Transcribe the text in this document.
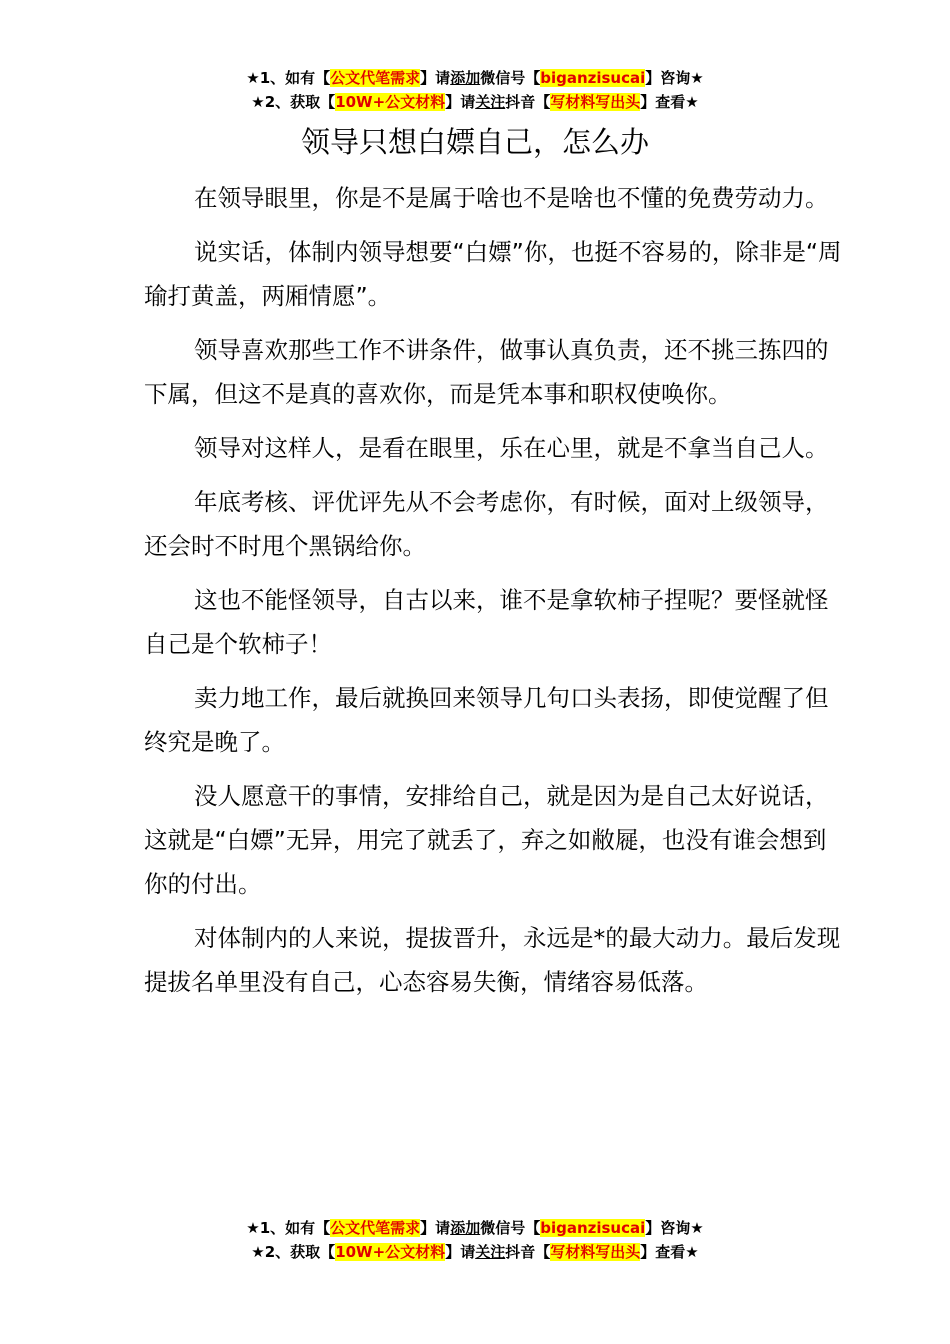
★1、如有【公文代笔需求】请添加微信号【biganzisucai】咨询★
★2、获取【10W+公文材料】请关注抖音【写材料写出头】查看★
领导只想白嫖自己，怎么办

在领导眼里，你是不是属于啥也不是啥也不懂的免费劳动力。

说实话，体制内领导想要“白嫖”你，也挺不容易的，除非是“周瑜打黄盖，两厢情愿”。

领导喜欢那些工作不讲条件，做事认真负责，还不挑三拣四的下属，但这不是真的喜欢你，而是凭本事和职权使唤你。

领导对这样人，是看在眼里，乐在心里，就是不拿当自己人。

年底考核、评优评先从不会考虑你，有时候，面对上级领导，还会时不时甩个黑锅给你。

这也不能怪领导，自古以来，谁不是拿软柿子捏呢？要怪就怪自己是个软柿子！

卖力地工作，最后就换回来领导几句口头表扬，即使觉醒了但终究是晚了。

没人愿意干的事情，安排给自己，就是因为是自己太好说话，这就是“白嫖”无异，用完了就丢了，弃之如敝屣，也没有谁会想到你的付出。

对体制内的人来说，提拔晋升，永远是*的最大动力。最后发现提拔名单里没有自己，心态容易失衡，情绪容易低落。

★1、如有【公文代笔需求】请添加微信号【biganzisucai】咨询★
★2、获取【10W+公文材料】请关注抖音【写材料写出头】查看★
